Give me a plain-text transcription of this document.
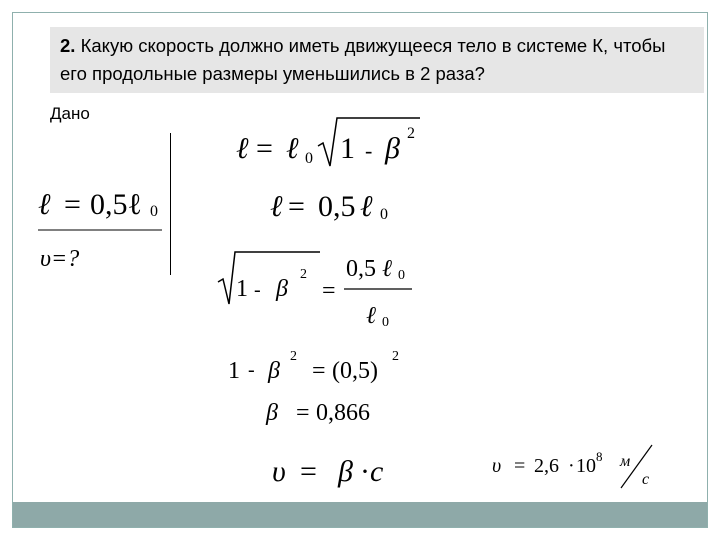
2. Какую скорость должно иметь движущееся тело в системе К, чтобы его продольные размеры уменьшились в 2 раза?
Дано
ℓ = 0,5ℓ 0
υ=?
ℓ = ℓ 0 1 - β 2
ℓ = 0,5 ℓ 0
1 - β
2
=
0,5 ℓ 0
ℓ 0
1 - β
2
= (0,5)
2
β = 0,866
υ = β · c	υ = 2,6 · 10 8 м
с
